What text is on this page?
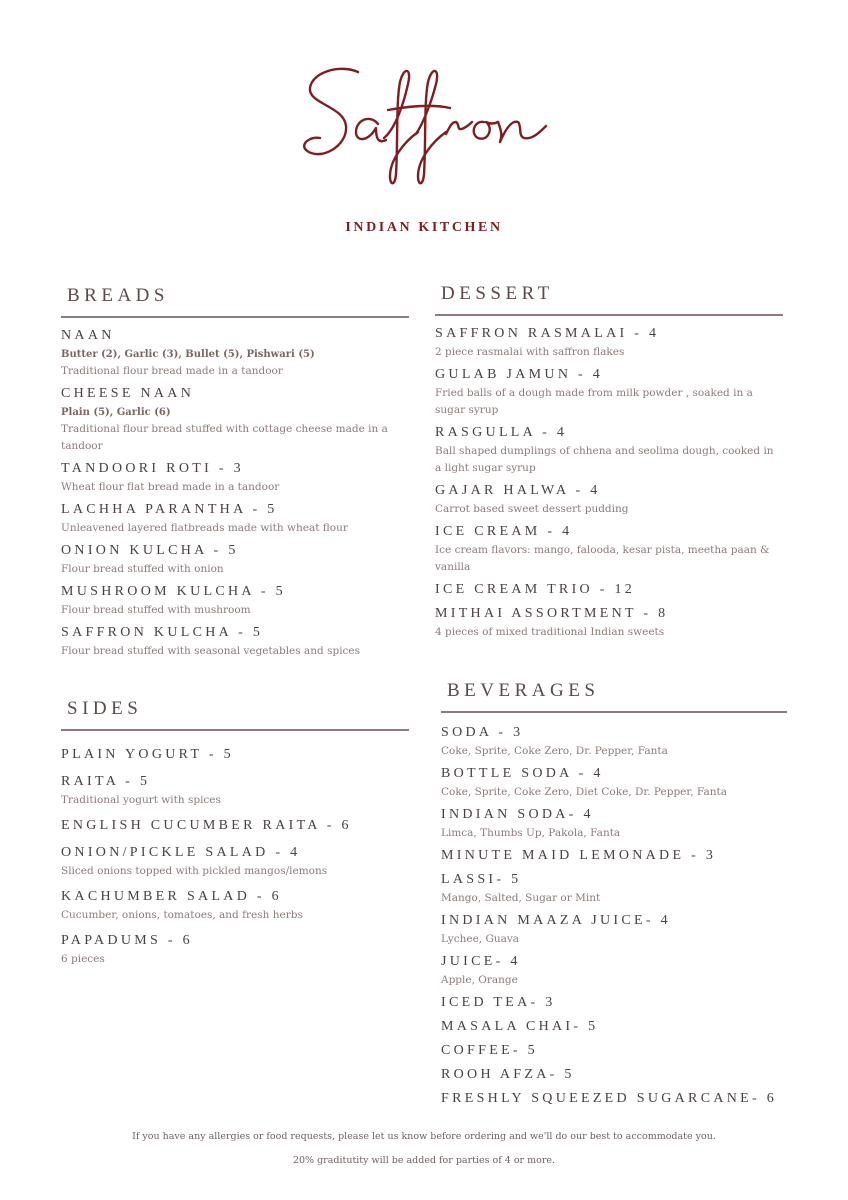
INDIAN KITCHEN
BREADS
NAAN
Butter (2), Garlic (3), Bullet (5), Pishwari (5)
Traditional flour bread made in a tandoor
CHEESE NAAN
Plain (5), Garlic (6)
Traditional flour bread stuffed with cottage cheese made in a tandoor
TANDOORI ROTI - 3
Wheat flour flat bread made in a tandoor
LACHHA PARANTHA - 5
Unleavened layered flatbreads made with wheat flour
ONION KULCHA - 5
Flour bread stuffed with onion
MUSHROOM KULCHA - 5
Flour bread stuffed with mushroom
SAFFRON KULCHA - 5
Flour bread stuffed with seasonal vegetables and spices
SIDES
PLAIN YOGURT - 5
RAITA - 5
Traditional yogurt with spices
ENGLISH CUCUMBER RAITA - 6
ONION/PICKLE SALAD - 4
Sliced onions topped with pickled mangos/lemons
KACHUMBER SALAD - 6
Cucumber, onions, tomatoes, and fresh herbs
PAPADUMS - 6
6 pieces
DESSERT
SAFFRON RASMALAI - 4
2 piece rasmalai with saffron flakes
GULAB JAMUN - 4
Fried balls of a dough made from milk powder , soaked in a sugar syrup
RASGULLA - 4
Ball shaped dumplings of chhena and seolima dough, cooked in a light sugar syrup
GAJAR HALWA - 4
Carrot based sweet dessert pudding
ICE CREAM - 4
Ice cream flavors: mango, falooda, kesar pista, meetha paan & vanilla
ICE CREAM TRIO - 12
MITHAI ASSORTMENT - 8
4 pieces of mixed traditional Indian sweets
BEVERAGES
SODA - 3
Coke, Sprite, Coke Zero, Dr. Pepper, Fanta
BOTTLE SODA - 4
Coke, Sprite, Coke Zero, Diet Coke, Dr. Pepper, Fanta
INDIAN SODA- 4
Limca, Thumbs Up, Pakola, Fanta
MINUTE MAID LEMONADE - 3
LASSI- 5
Mango, Salted, Sugar or Mint
INDIAN MAAZA JUICE- 4
Lychee, Guava
JUICE- 4
Apple, Orange
ICED TEA- 3
MASALA CHAI- 5
COFFEE- 5
ROOH AFZA- 5
FRESHLY SQUEEZED SUGARCANE- 6
If you have any allergies or food requests, please let us know before ordering and we'll do our best to accommodate you.
20% graditutity will be added for parties of 4 or more.
